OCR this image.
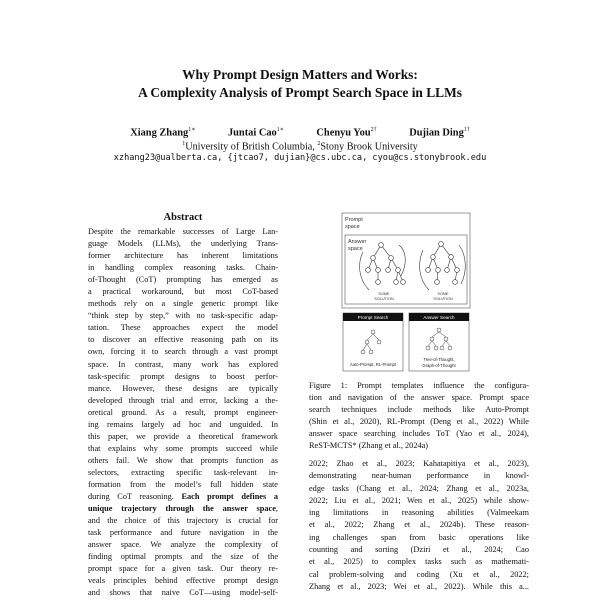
Why Prompt Design Matters and Works:
A Complexity Analysis of Prompt Search Space in LLMs
Xiang Zhang$^{1∗}$	Juntai Cao$^{1∗}$	Chenyu You$^{2\dagger}$	Dujian Ding$^{1\dagger}$
$^1$University of British Columbia, $^2$Stony Brook University
xzhang23@ualberta.ca, {jtcao7, dujian}@cs.ubc.ca, cyou@cs.stonybrook.edu
Abstract
Despite the remarkable successes of Large Lan-
guage Models (LLMs), the underlying Trans-
former architecture has inherent limitations
in handling complex reasoning tasks. Chain-
of-Thought (CoT) prompting has emerged as
a practical workaround, but most CoT-based
methods rely on a single generic prompt like
“think step by step,” with no task-specific adap-
tation. These approaches expect the model
to discover an effective reasoning path on its
own, forcing it to search through a vast prompt
space. In contrast, many work has explored
task-specific prompt designs to boost perfor-
mance. However, these designs are typically
developed through trial and error, lacking a the-
oretical ground. As a result, prompt engineer-
ing remains largely ad hoc and unguided. In
this paper, we provide a theoretical framework
that explains why some prompts succeed while
others fail. We show that prompts function as
selectors, extracting specific task-relevant in-
formation from the model’s full hidden state
during CoT reasoning. Each prompt defines a
unique trajectory through the answer space,
and the choice of this trajectory is crucial for
task performance and future navigation in the
answer space. We analyze the complexity of
finding optimal prompts and the size of the
prompt space for a given task. Our theory re-
veals principles behind effective prompt design
and shows that naive CoT—using model-self-
Prompt
space
Answer
space
SOME
SOLUTION
SOME
SOLUTION
Prompt Search
Auto-Prompt, RL-Prompt
Answer Search
Tree-of-Thought,
Graph-of-Thought
Figure 1: Prompt templates influence the configura-
tion and navigation of the answer space. Prompt space
search techniques include methods like Auto-Prompt
(Shin et al., 2020), RL-Prompt (Deng et al., 2022) While
answer space searching includes ToT (Yao et al., 2024),
ReST-MCTS* (Zhang et al., 2024a)
2022; Zhao et al., 2023; Kahatapitiya et al., 2023),
demonstrating near-human performance in knowl-
edge tasks (Chang et al., 2024; Zhang et al., 2023a,
2022; Liu et al., 2021; Wen et al., 2025) while show-
ing limitations in reasoning abilities (Valmeekam
et al., 2022; Zhang et al., 2024b). These reason-
ing challenges span from basic operations like
counting and sorting (Dziri et al., 2024; Cao
et al., 2025) to complex tasks such as mathemati-
cal problem-solving and coding (Xu et al., 2022;
Zhang et al., 2023; Wei et al., 2022). While this a...
